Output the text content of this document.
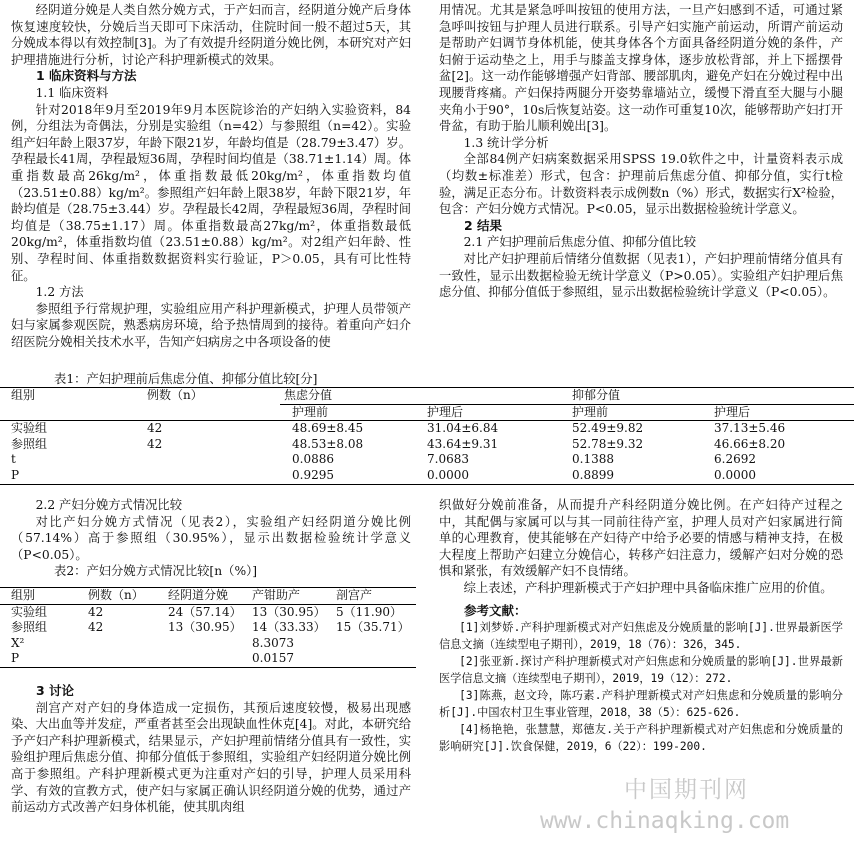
经阴道分娩是人类自然分娩方式，于产妇而言，经阴道分娩产后身体恢复速度较快，分娩后当天即可下床活动，住院时间一般不超过5天，其分娩成本得以有效控制[3]。为了有效提升经阴道分娩比例，本研究对产妇护理措施进行分析，讨论产科护理新模式的效果。

1 临床资料与方法

1.1 临床资料

针对2018年9月至2019年9月本医院诊治的产妇纳入实验资料，84例，分组法为奇偶法，分别是实验组（n=42）与参照组（n=42）。实验组产妇年龄上限37岁，年龄下限21岁，年龄均值是（28.79±3.47）岁。孕程最长41周，孕程最短36周，孕程时间均值是（38.71±1.14）周。体重指数最高26kg/m²，体重指数最低20kg/m²，体重指数均值（23.51±0.88）kg/m²。参照组产妇年龄上限38岁，年龄下限21岁，年龄均值是（28.75±3.44）岁。孕程最长42周，孕程最短36周，孕程时间均值是（38.75±1.17）周。体重指数最高27kg/m²，体重指数最低20kg/m²，体重指数均值（23.51±0.88）kg/m²。对2组产妇年龄、性别、孕程时间、体重指数数据资料实行验证，P＞0.05，具有可比性特征。

1.2 方法

参照组予行常规护理，实验组应用产科护理新模式，护理人员带领产妇与家属参观医院，熟悉病房环境，给予热情周到的接待。着重向产妇介绍医院分娩相关技术水平，告知产妇病房之中各项设备的使

用情况。尤其是紧急呼叫按钮的使用方法，一旦产妇感到不适，可通过紧急呼叫按钮与护理人员进行联系。引导产妇实施产前运动，所谓产前运动是帮助产妇调节身体机能，使其身体各个方面具备经阴道分娩的条件，产妇俯于运动垫之上，用手与膝盖支撑身体，逐步放松背部，并上下摇摆骨盆[2]。这一动作能够增强产妇背部、腰部肌肉，避免产妇在分娩过程中出现腰背疼痛。产妇保持两腿分开姿势靠墙站立，缓慢下滑直至大腿与小腿夹角小于90°，10s后恢复站姿。这一动作可重复10次，能够帮助产妇打开骨盆，有助于胎儿顺利娩出[3]。

1.3 统计学分析

全部84例产妇病案数据采用SPSS 19.0软件之中，计量资料表示成（均数±标准差）形式，包含：护理前后焦虑分值、抑郁分值，实行t检验，满足正态分布。计数资料表示成例数n（%）形式，数据实行X²检验，包含：产妇分娩方式情况。P<0.05，显示出数据检验统计学意义。

2 结果

2.1 产妇护理前后焦虑分值、抑郁分值比较

对比产妇护理前后情绪分值数据（见表1），产妇护理前情绪分值具有一致性，显示出数据检验无统计学意义（P>0.05）。实验组产妇护理后焦虑分值、抑郁分值低于参照组，显示出数据检验统计学意义（P<0.05）。

表1：产妇护理前后焦虑分值、抑郁分值比较[分]

组别	例数（n）	焦虑分值		抑郁分值	
		护理前	护理后	护理前	护理后
实验组	42	48.69±8.45	31.04±6.84	52.49±9.82	37.13±5.46
参照组	42	48.53±8.08	43.64±9.31	52.78±9.32	46.66±8.20
t		0.0886	7.0683	0.1388	6.2692
P		0.9295	0.0000	0.8899	0.0000

2.2 产妇分娩方式情况比较

对比产妇分娩方式情况（见表2），实验组产妇经阴道分娩比例（57.14%）高于参照组（30.95%），显示出数据检验统计学意义（P<0.05）。

表2：产妇分娩方式情况比较[n（%）]

组别	例数（n）	经阴道分娩	产钳助产	剖宫产
实验组	42	24（57.14）	13（30.95）	5（11.90）
参照组	42	13（30.95）	14（33.33）	15（35.71）
X²			8.3073	
P			0.0157	

3 讨论

剖宫产对产妇的身体造成一定损伤，其预后速度较慢，极易出现感染、大出血等并发症，严重者甚至会出现缺血性休克[4]。对此，本研究给予产妇产科护理新模式，结果显示，产妇护理前情绪分值具有一致性，实验组护理后焦虑分值、抑郁分值低于参照组，实验组产妇经阴道分娩比例高于参照组。产科护理新模式更为注重对产妇的引导，护理人员采用科学、有效的宣教方式，使产妇与家属正确认识经阴道分娩的优势，通过产前运动方式改善产妇身体机能，使其肌肉组

织做好分娩前准备，从而提升产科经阴道分娩比例。在产妇待产过程之中，其配偶与家属可以与其一同前往待产室，护理人员对产妇家属进行简单的心理教育，使其能够在产妇待产中给予必要的情感与精神支持，在极大程度上帮助产妇建立分娩信心，转移产妇注意力，缓解产妇对分娩的恐惧和紧张，有效缓解产妇不良情绪。

综上表述，产科护理新模式于产妇护理中具备临床推广应用的价值。

参考文献：

[1]刘梦娇.产科护理新模式对产妇焦虑及分娩质量的影响[J].世界最新医学信息文摘（连续型电子期刊），2019，18（76）：326，345.

[2]张亚新.探讨产科护理新模式对产妇焦虑和分娩质量的影响[J].世界最新医学信息文摘（连续型电子期刊），2019，19（12）：272.

[3]陈燕，赵文玲，陈巧素.产科护理新模式对产妇焦虑和分娩质量的影响分析[J].中国农村卫生事业管理，2018，38（5）：625-626.

[4]杨艳艳，张慧慧，郑德友.关于产科护理新模式对产妇焦虑和分娩质量的影响研究[J].饮食保健，2019，6（22）：199-200.

中国期刊网
www.chinaqking.com
